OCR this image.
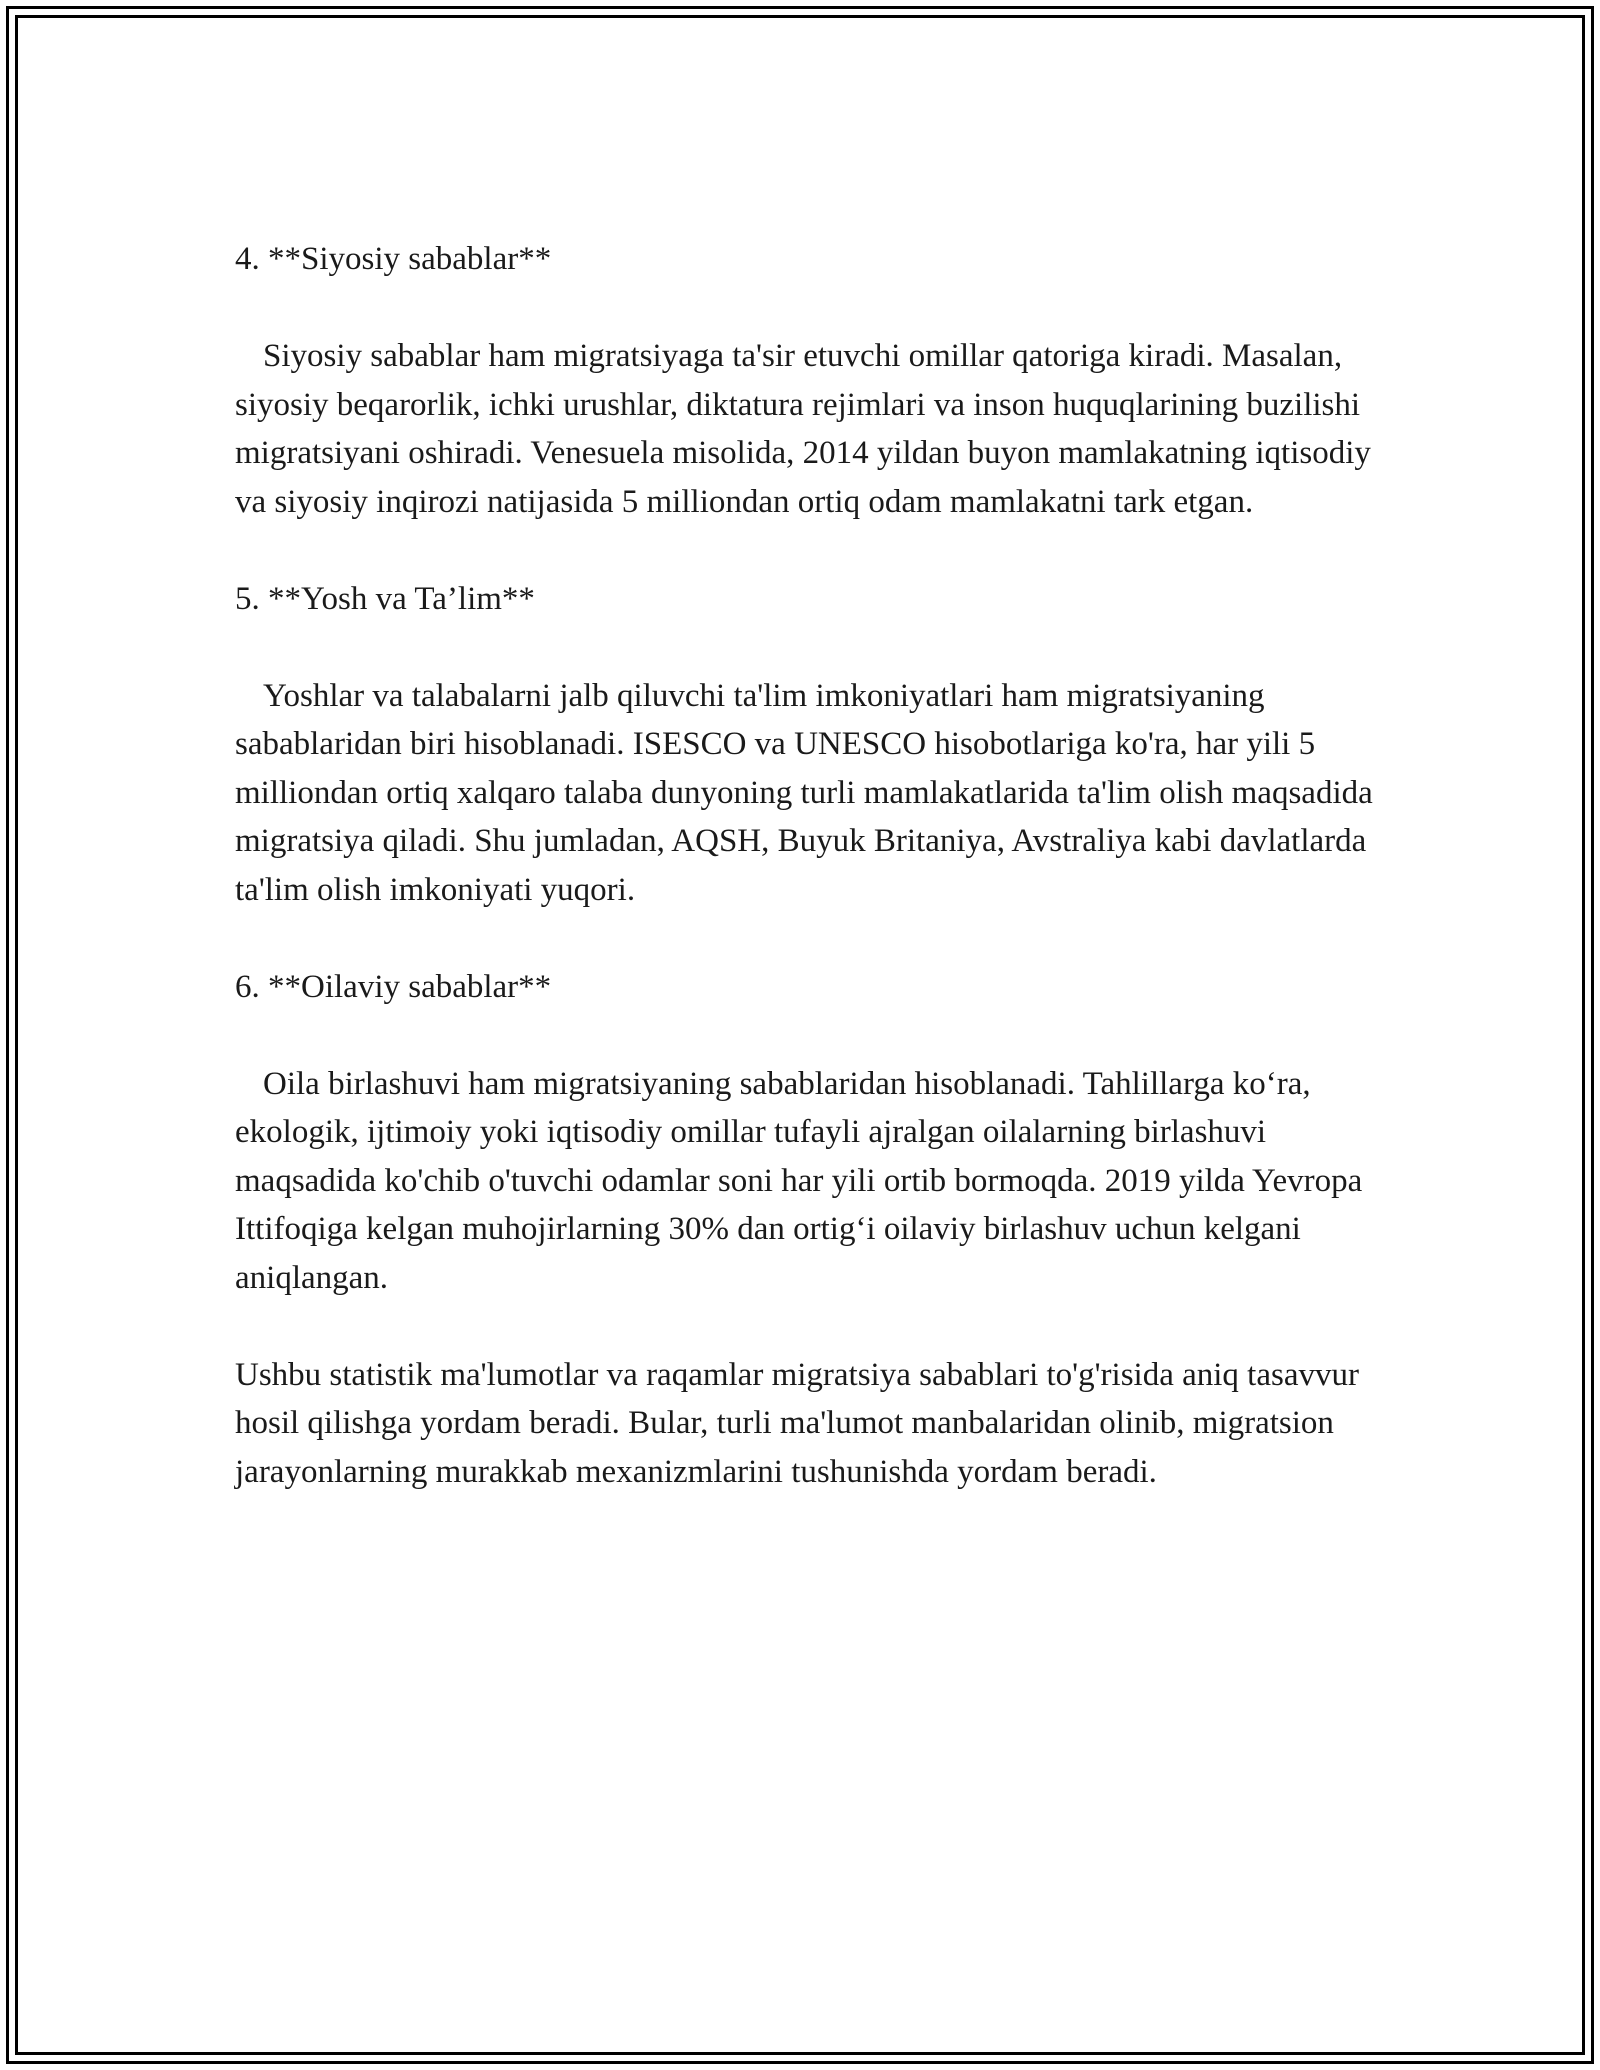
4. **Siyosiy sabablar**

Siyosiy sabablar ham migratsiyaga ta'sir etuvchi omillar qatoriga kiradi. Masalan, siyosiy beqarorlik, ichki urushlar, diktatura rejimlari va inson huquqlarining buzilishi migratsiyani oshiradi. Venesuela misolida, 2014 yildan buyon mamlakatning iqtisodiy va siyosiy inqirozi natijasida 5 milliondan ortiq odam mamlakatni tark etgan.

5. **Yosh va Ta’lim**

Yoshlar va talabalarni jalb qiluvchi ta'lim imkoniyatlari ham migratsiyaning sabablaridan biri hisoblanadi. ISESCO va UNESCO hisobotlariga ko'ra, har yili 5 milliondan ortiq xalqaro talaba dunyoning turli mamlakatlarida ta'lim olish maqsadida migratsiya qiladi. Shu jumladan, AQSH, Buyuk Britaniya, Avstraliya kabi davlatlarda ta'lim olish imkoniyati yuqori.

6. **Oilaviy sabablar**

Oila birlashuvi ham migratsiyaning sabablaridan hisoblanadi. Tahlillarga ko‘ra, ekologik, ijtimoiy yoki iqtisodiy omillar tufayli ajralgan oilalarning birlashuvi maqsadida ko'chib o'tuvchi odamlar soni har yili ortib bormoqda. 2019 yilda Yevropa Ittifoqiga kelgan muhojirlarning 30% dan ortig‘i oilaviy birlashuv uchun kelgani aniqlangan.

Ushbu statistik ma'lumotlar va raqamlar migratsiya sabablari to'g'risida aniq tasavvur hosil qilishga yordam beradi. Bular, turli ma'lumot manbalaridan olinib, migratsion jarayonlarning murakkab mexanizmlarini tushunishda yordam beradi.
